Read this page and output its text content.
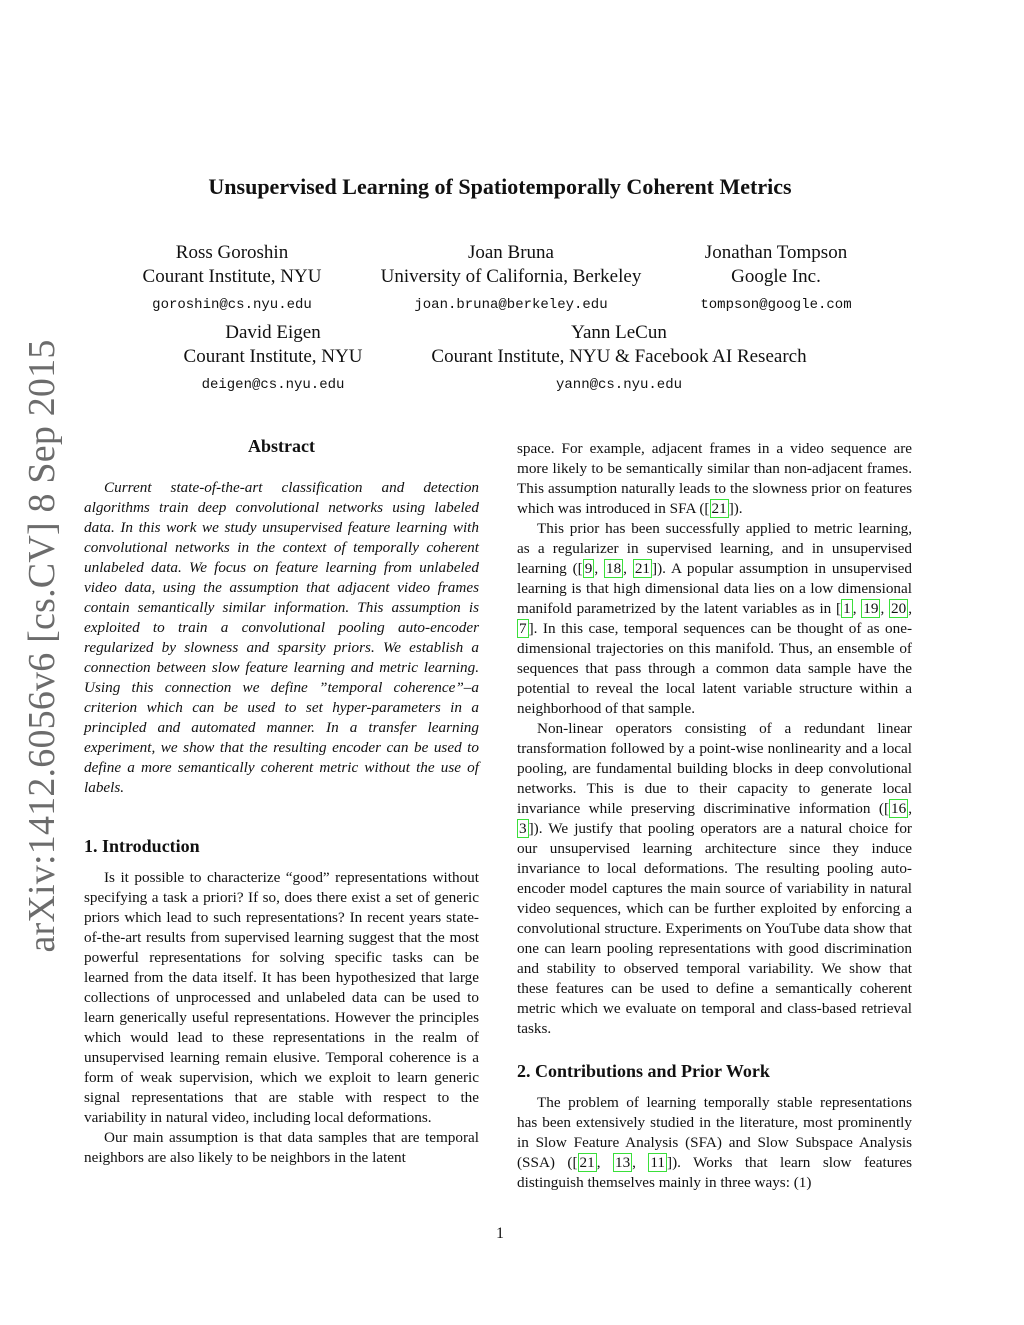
arXiv:1412.6056v6 [cs.CV] 8 Sep 2015
Unsupervised Learning of Spatiotemporally Coherent Metrics
Ross Goroshin
Courant Institute, NYU
goroshin@cs.nyu.edu
Joan Bruna
University of California, Berkeley
joan.bruna@berkeley.edu
Jonathan Tompson
Google Inc.
tompson@google.com
David Eigen
Courant Institute, NYU
deigen@cs.nyu.edu
Yann LeCun
Courant Institute, NYU & Facebook AI Research
yann@cs.nyu.edu
Abstract

Current state-of-the-art classification and detection algorithms train deep convolutional networks using labeled data. In this work we study unsupervised feature learning with convolutional networks in the context of temporally coherent unlabeled data. We focus on feature learning from unlabeled video data, using the assumption that adjacent video frames contain semantically similar information. This assumption is exploited to train a convolutional pooling auto-encoder regularized by slowness and sparsity priors. We establish a connection between slow feature learning and metric learning. Using this connection we define ”temporal coherence”–a criterion which can be used to set hyper-parameters in a principled and automated manner. In a transfer learning experiment, we show that the resulting encoder can be used to define a more semantically coherent metric without the use of labels.

1. Introduction

Is it possible to characterize “good” representations without specifying a task a priori? If so, does there exist a set of generic priors which lead to such representations? In recent years state-of-the-art results from supervised learning suggest that the most powerful representations for solving specific tasks can be learned from the data itself. It has been hypothesized that large collections of unprocessed and unlabeled data can be used to learn generically useful representations. However the principles which would lead to these representations in the realm of unsupervised learning remain elusive. Temporal coherence is a form of weak supervision, which we exploit to learn generic signal representations that are stable with respect to the variability in natural video, including local deformations.

Our main assumption is that data samples that are temporal neighbors are also likely to be neighbors in the latent

space. For example, adjacent frames in a video sequence are more likely to be semantically similar than non-adjacent frames. This assumption naturally leads to the slowness prior on features which was introduced in SFA ([ 21 ]).

This prior has been successfully applied to metric learning, as a regularizer in supervised learning, and in unsupervised learning ([ 9 , 18 , 21 ]). A popular assumption in unsupervised learning is that high dimensional data lies on a low dimensional manifold parametrized by the latent variables as in [ 1 , 19 , 20 , 7 ]. In this case, temporal sequences can be thought of as one-dimensional trajectories on this manifold. Thus, an ensemble of sequences that pass through a common data sample have the potential to reveal the local latent variable structure within a neighborhood of that sample.

Non-linear operators consisting of a redundant linear transformation followed by a point-wise nonlinearity and a local pooling, are fundamental building blocks in deep convolutional networks. This is due to their capacity to generate local invariance while preserving discriminative information ([ 16 , 3 ]). We justify that pooling operators are a natural choice for our unsupervised learning architecture since they induce invariance to local deformations. The resulting pooling auto-encoder model captures the main source of variability in natural video sequences, which can be further exploited by enforcing a convolutional structure. Experiments on YouTube data show that one can learn pooling representations with good discrimination and stability to observed temporal variability. We show that these features can be used to define a semantically coherent metric which we evaluate on temporal and class-based retrieval tasks.

2. Contributions and Prior Work

The problem of learning temporally stable representations has been extensively studied in the literature, most prominently in Slow Feature Analysis (SFA) and Slow Subspace Analysis (SSA) ([ 21 , 13 , 11 ]). Works that learn slow features distinguish themselves mainly in three ways: (1)

1
